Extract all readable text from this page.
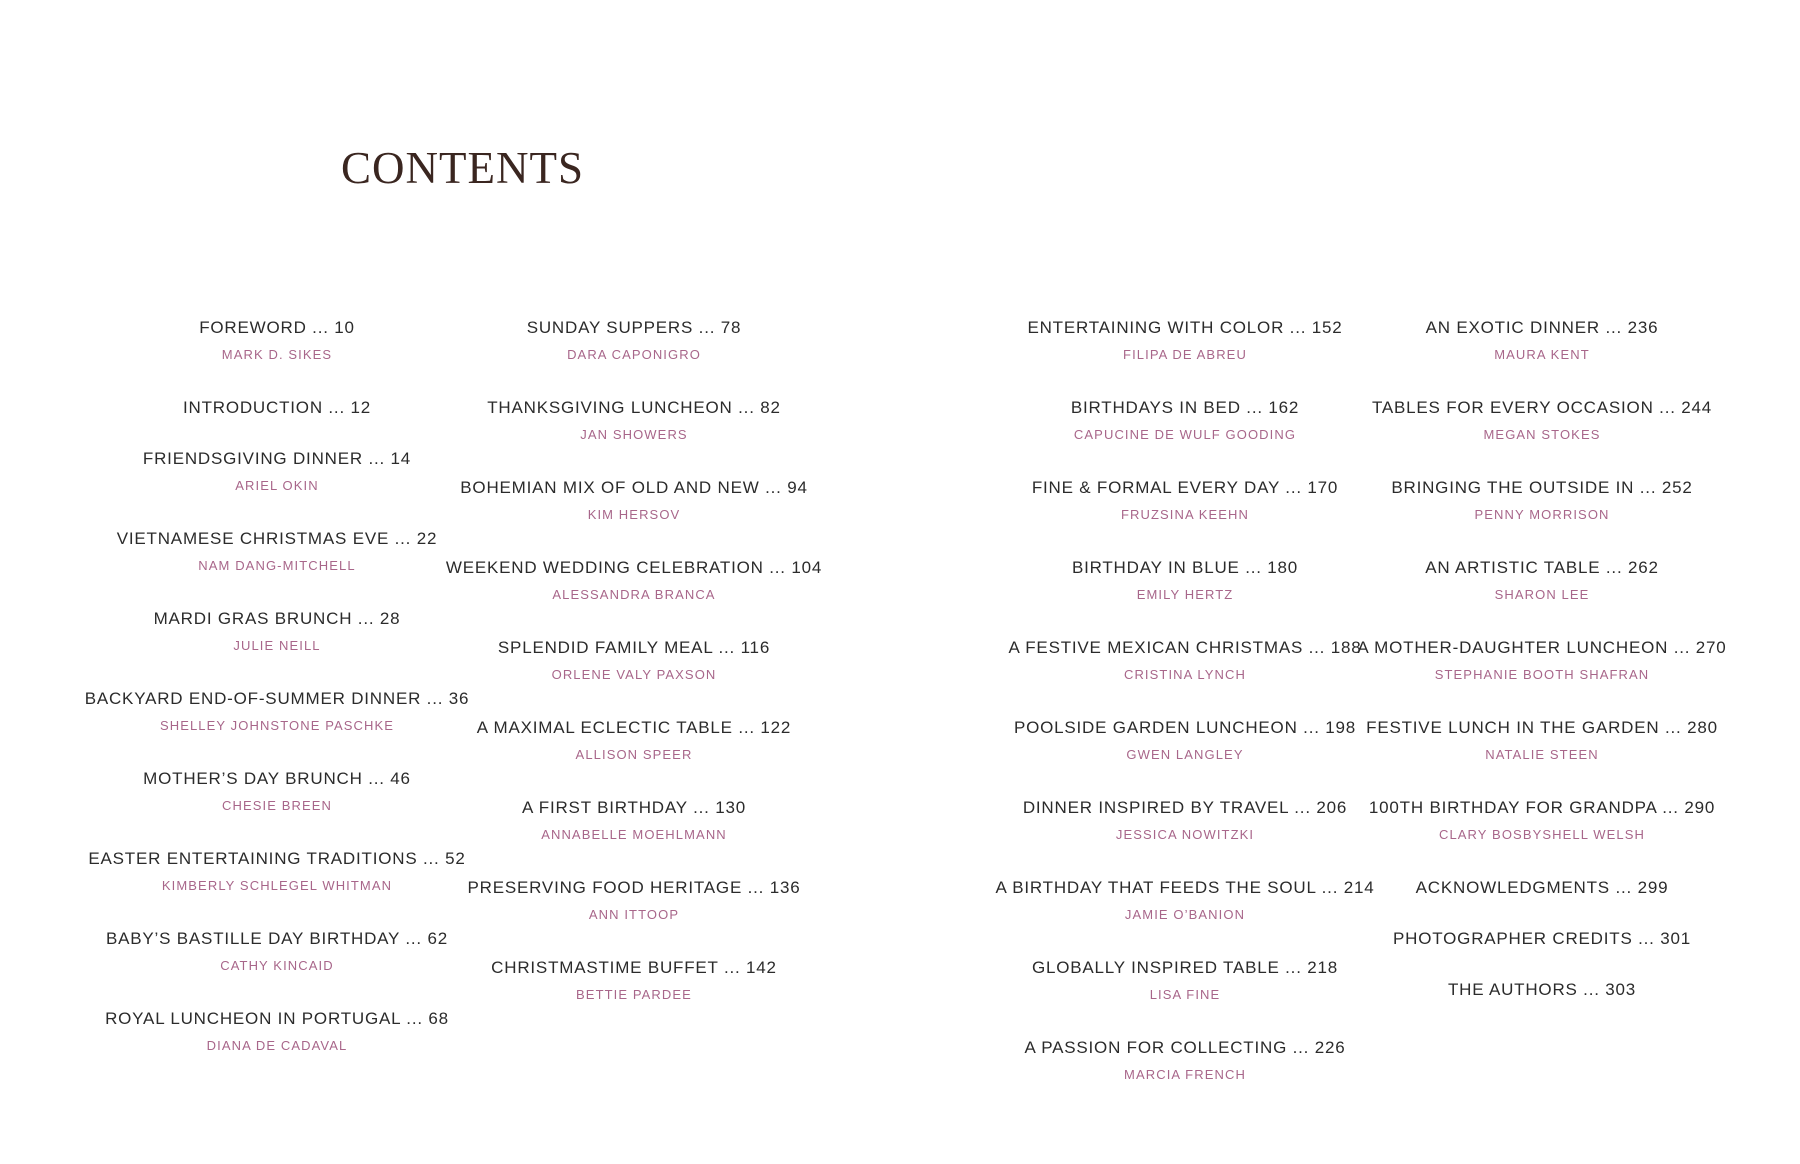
CONTENTS
FOREWORD ... 10
MARK D. SIKES
INTRODUCTION ... 12
FRIENDSGIVING DINNER ... 14
ARIEL OKIN
VIETNAMESE CHRISTMAS EVE ... 22
NAM DANG-MITCHELL
MARDI GRAS BRUNCH ... 28
JULIE NEILL
BACKYARD END-OF-SUMMER DINNER ... 36
SHELLEY JOHNSTONE PASCHKE
MOTHER’S DAY BRUNCH ... 46
CHESIE BREEN
EASTER ENTERTAINING TRADITIONS ... 52
KIMBERLY SCHLEGEL WHITMAN
BABY’S BASTILLE DAY BIRTHDAY ... 62
CATHY KINCAID
ROYAL LUNCHEON IN PORTUGAL ... 68
DIANA DE CADAVAL
SUNDAY SUPPERS ... 78
DARA CAPONIGRO
THANKSGIVING LUNCHEON ... 82
JAN SHOWERS
BOHEMIAN MIX OF OLD AND NEW ... 94
KIM HERSOV
WEEKEND WEDDING CELEBRATION ... 104
ALESSANDRA BRANCA
SPLENDID FAMILY MEAL ... 116
ORLENE VALY PAXSON
A MAXIMAL ECLECTIC TABLE ... 122
ALLISON SPEER
A FIRST BIRTHDAY ... 130
ANNABELLE MOEHLMANN
PRESERVING FOOD HERITAGE ... 136
ANN ITTOOP
CHRISTMASTIME BUFFET ... 142
BETTIE PARDEE
ENTERTAINING WITH COLOR ... 152
FILIPA DE ABREU
BIRTHDAYS IN BED ... 162
CAPUCINE DE WULF GOODING
FINE & FORMAL EVERY DAY ... 170
FRUZSINA KEEHN
BIRTHDAY IN BLUE ... 180
EMILY HERTZ
A FESTIVE MEXICAN CHRISTMAS ... 188
CRISTINA LYNCH
POOLSIDE GARDEN LUNCHEON ... 198
GWEN LANGLEY
DINNER INSPIRED BY TRAVEL ... 206
JESSICA NOWITZKI
A BIRTHDAY THAT FEEDS THE SOUL ... 214
JAMIE O’BANION
GLOBALLY INSPIRED TABLE ... 218
LISA FINE
A PASSION FOR COLLECTING ... 226
MARCIA FRENCH
AN EXOTIC DINNER ... 236
MAURA KENT
TABLES FOR EVERY OCCASION ... 244
MEGAN STOKES
BRINGING THE OUTSIDE IN ... 252
PENNY MORRISON
AN ARTISTIC TABLE ... 262
SHARON LEE
A MOTHER-DAUGHTER LUNCHEON ... 270
STEPHANIE BOOTH SHAFRAN
FESTIVE LUNCH IN THE GARDEN ... 280
NATALIE STEEN
100TH BIRTHDAY FOR GRANDPA ... 290
CLARY BOSBYSHELL WELSH
ACKNOWLEDGMENTS ... 299
PHOTOGRAPHER CREDITS ... 301
THE AUTHORS ... 303
